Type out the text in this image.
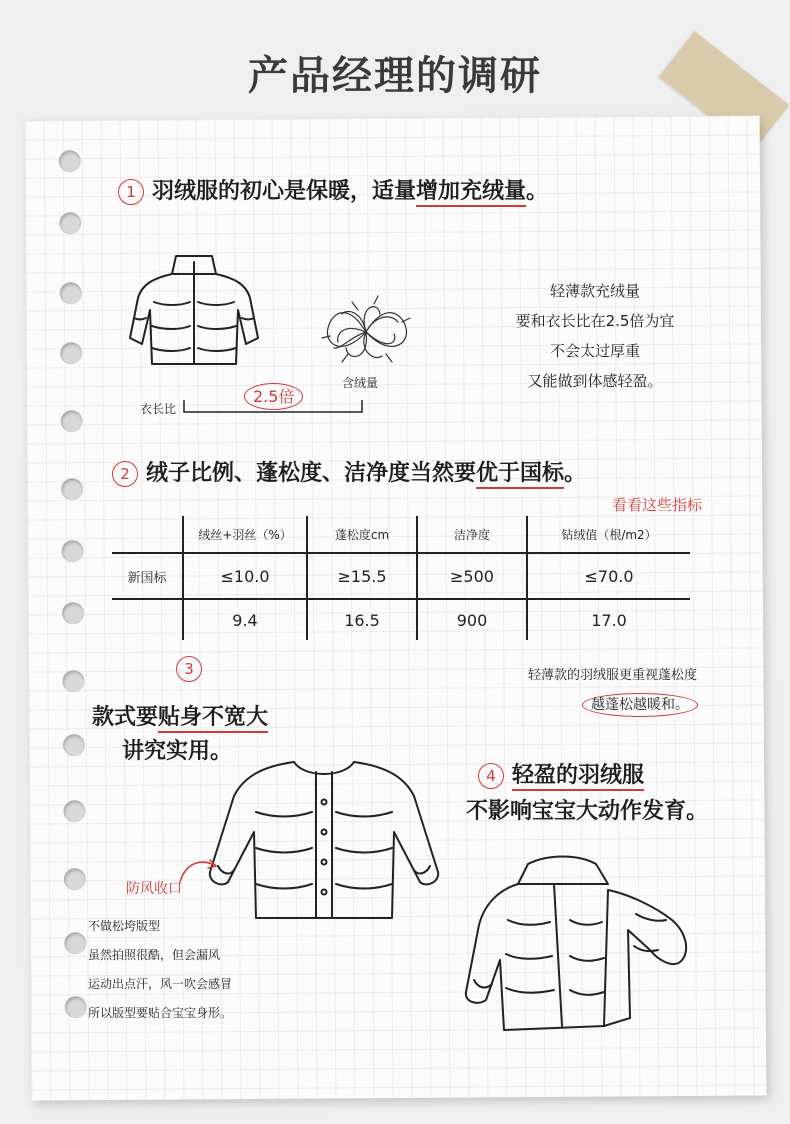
产品经理的调研
1 羽绒服的初心是保暖，适量增加充绒量。
含绒量
衣长比
2.5倍
轻薄款充绒量
要和衣长比在2.5倍为宜
不会太过厚重
又能做到体感轻盈。
2 绒子比例、蓬松度、洁净度当然要优于国标。
看看这些指标
	绒丝+羽丝（%）	蓬松度cm	洁净度	钻绒值（根/m2）
新国标	≤10.0	≥15.5	≥500	≤70.0
	9.4	16.5	900	17.0
轻薄款的羽绒服更重视蓬松度
越蓬松越暖和。
3
款式要贴身不宽大
讲究实用。
防风收口
不做松垮版型
虽然拍照很酷，但会漏风
运动出点汗，风一吹会感冒
所以版型要贴合宝宝身形。
4 轻盈的羽绒服
不影响宝宝大动作发育。
